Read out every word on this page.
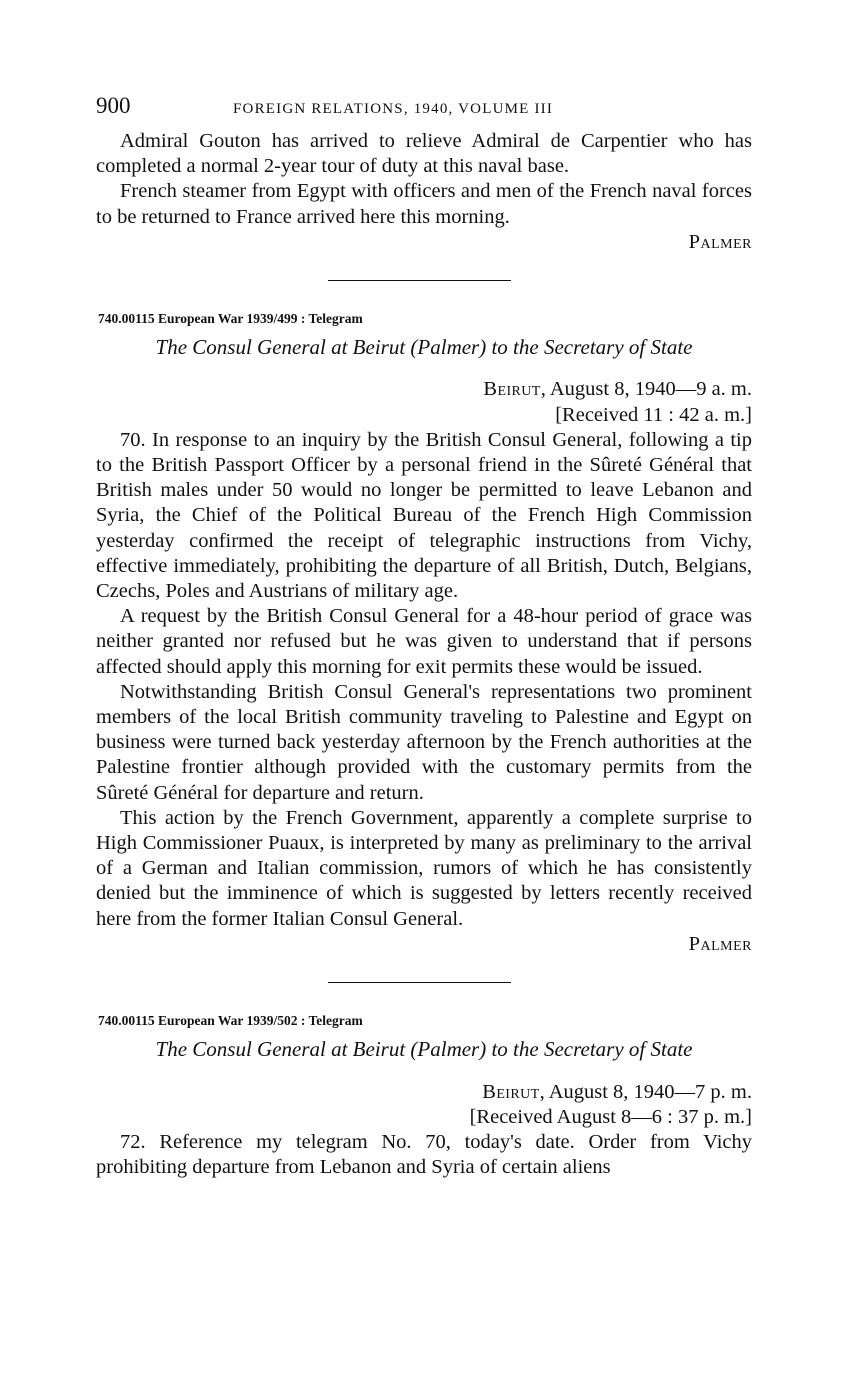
900	FOREIGN RELATIONS, 1940, VOLUME III

Admiral Gouton has arrived to relieve Admiral de Carpentier who has completed a normal 2-year tour of duty at this naval base.

French steamer from Egypt with officers and men of the French naval forces to be returned to France arrived here this morning.

Palmer

740.00115 European War 1939/499 : Telegram

The Consul General at Beirut (Palmer) to the Secretary of State

Beirut, August 8, 1940—9 a. m.

[Received 11 : 42 a. m.]

70. In response to an inquiry by the British Consul General, following a tip to the British Passport Officer by a personal friend in the Sûreté Général that British males under 50 would no longer be permitted to leave Lebanon and Syria, the Chief of the Political Bureau of the French High Commission yesterday confirmed the receipt of telegraphic instructions from Vichy, effective immediately, prohibiting the departure of all British, Dutch, Belgians, Czechs, Poles and Austrians of military age.

A request by the British Consul General for a 48-hour period of grace was neither granted nor refused but he was given to understand that if persons affected should apply this morning for exit permits these would be issued.

Notwithstanding British Consul General's representations two prominent members of the local British community traveling to Palestine and Egypt on business were turned back yesterday afternoon by the French authorities at the Palestine frontier although provided with the customary permits from the Sûreté Général for departure and return.

This action by the French Government, apparently a complete surprise to High Commissioner Puaux, is interpreted by many as preliminary to the arrival of a German and Italian commission, rumors of which he has consistently denied but the imminence of which is suggested by letters recently received here from the former Italian Consul General.

Palmer

740.00115 European War 1939/502 : Telegram

The Consul General at Beirut (Palmer) to the Secretary of State

Beirut, August 8, 1940—7 p. m.

[Received August 8—6 : 37 p. m.]

72. Reference my telegram No. 70, today's date. Order from Vichy prohibiting departure from Lebanon and Syria of certain aliens
